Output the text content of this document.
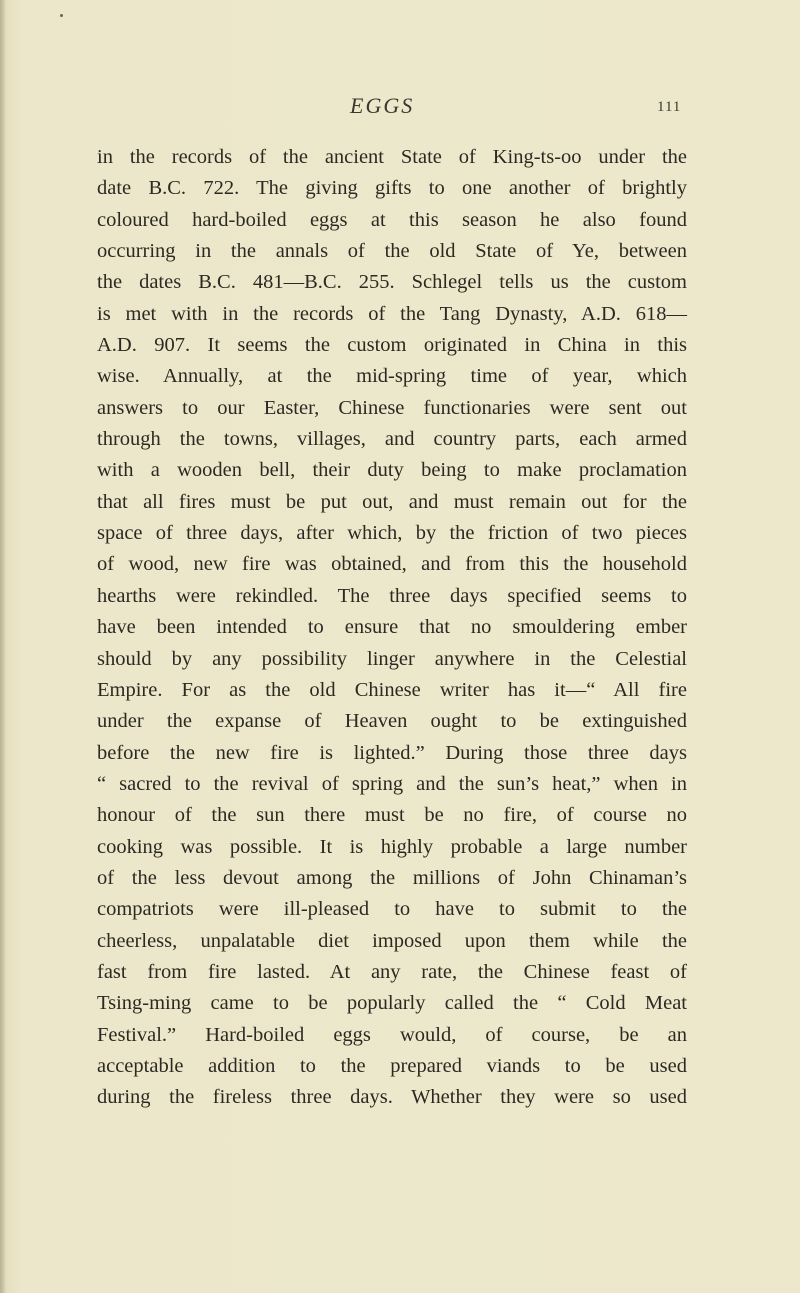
EGGS	111
in the records of the ancient State of King-ts-oo under the
date B.C. 722. The giving gifts to one another of brightly
coloured hard-boiled eggs at this season he also found
occurring in the annals of the old State of Ye, between
the dates B.C. 481—B.C. 255. Schlegel tells us the custom
is met with in the records of the Tang Dynasty, A.D. 618—
A.D. 907. It seems the custom originated in China in this
wise. Annually, at the mid-spring time of year, which
answers to our Easter, Chinese functionaries were sent out
through the towns, villages, and country parts, each armed
with a wooden bell, their duty being to make proclamation
that all fires must be put out, and must remain out for the
space of three days, after which, by the friction of two pieces
of wood, new fire was obtained, and from this the household
hearths were rekindled. The three days specified seems to
have been intended to ensure that no smouldering ember
should by any possibility linger anywhere in the Celestial
Empire. For as the old Chinese writer has it—“ All fire
under the expanse of Heaven ought to be extinguished
before the new fire is lighted.” During those three days
“ sacred to the revival of spring and the sun’s heat,” when in
honour of the sun there must be no fire, of course no
cooking was possible. It is highly probable a large number
of the less devout among the millions of John Chinaman’s
compatriots were ill-pleased to have to submit to the
cheerless, unpalatable diet imposed upon them while the
fast from fire lasted. At any rate, the Chinese feast of
Tsing-ming came to be popularly called the “ Cold Meat
Festival.” Hard-boiled eggs would, of course, be an
acceptable addition to the prepared viands to be used
during the fireless three days. Whether they were so used
